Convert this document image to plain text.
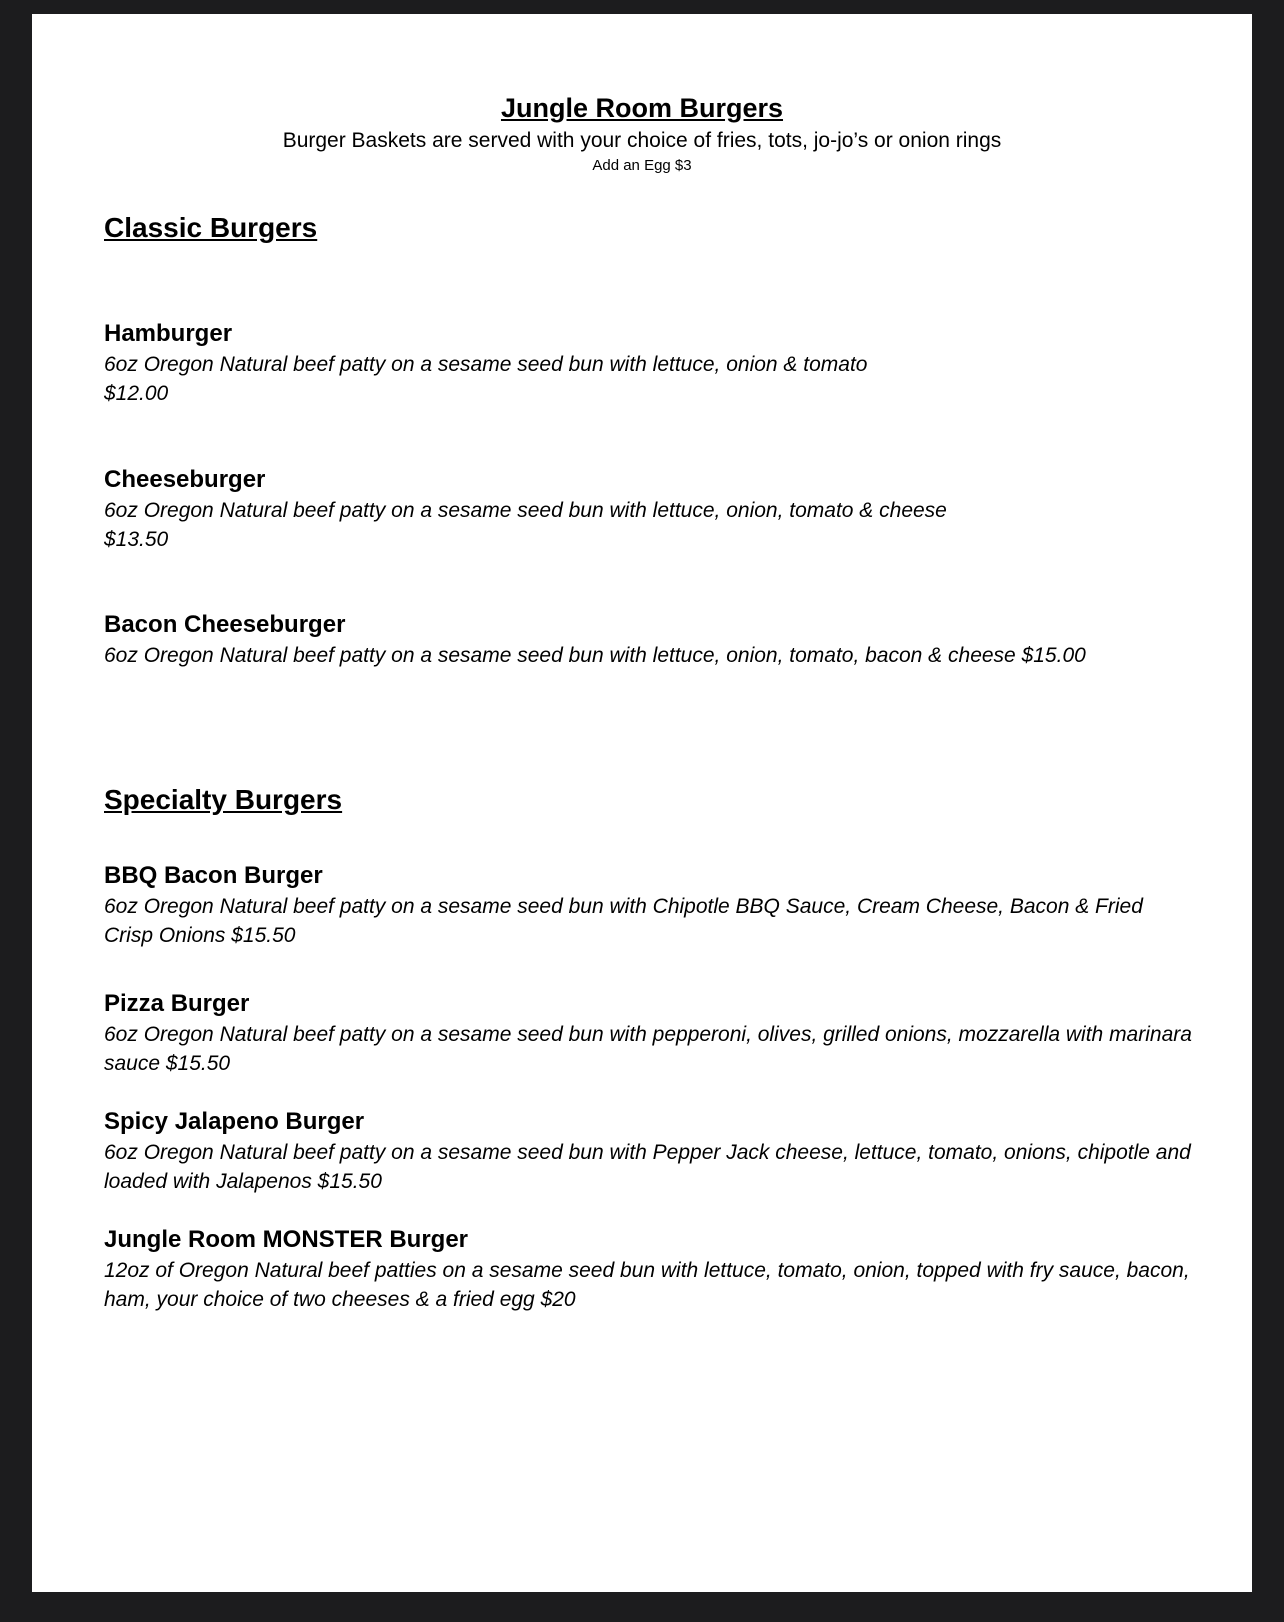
Jungle Room Burgers
Burger Baskets are served with your choice of fries, tots, jo-jo’s or onion rings
Add an Egg $3
Classic Burgers
Hamburger
6oz Oregon Natural beef patty on a sesame seed bun with lettuce, onion & tomato
$12.00
Cheeseburger
6oz Oregon Natural beef patty on a sesame seed bun with lettuce, onion, tomato & cheese
$13.50
Bacon Cheeseburger
6oz Oregon Natural beef patty on a sesame seed bun with lettuce, onion, tomato, bacon & cheese $15.00
Specialty Burgers
BBQ Bacon Burger
6oz Oregon Natural beef patty on a sesame seed bun with Chipotle BBQ Sauce, Cream Cheese, Bacon & Fried Crisp Onions $15.50
Pizza Burger
6oz Oregon Natural beef patty on a sesame seed bun with pepperoni, olives, grilled onions, mozzarella with marinara sauce $15.50
Spicy Jalapeno Burger
6oz Oregon Natural beef patty on a sesame seed bun with Pepper Jack cheese, lettuce, tomato, onions, chipotle and loaded with Jalapenos $15.50
Jungle Room MONSTER Burger
12oz of Oregon Natural beef patties on a sesame seed bun with lettuce, tomato, onion, topped with fry sauce, bacon, ham, your choice of two cheeses & a fried egg $20
